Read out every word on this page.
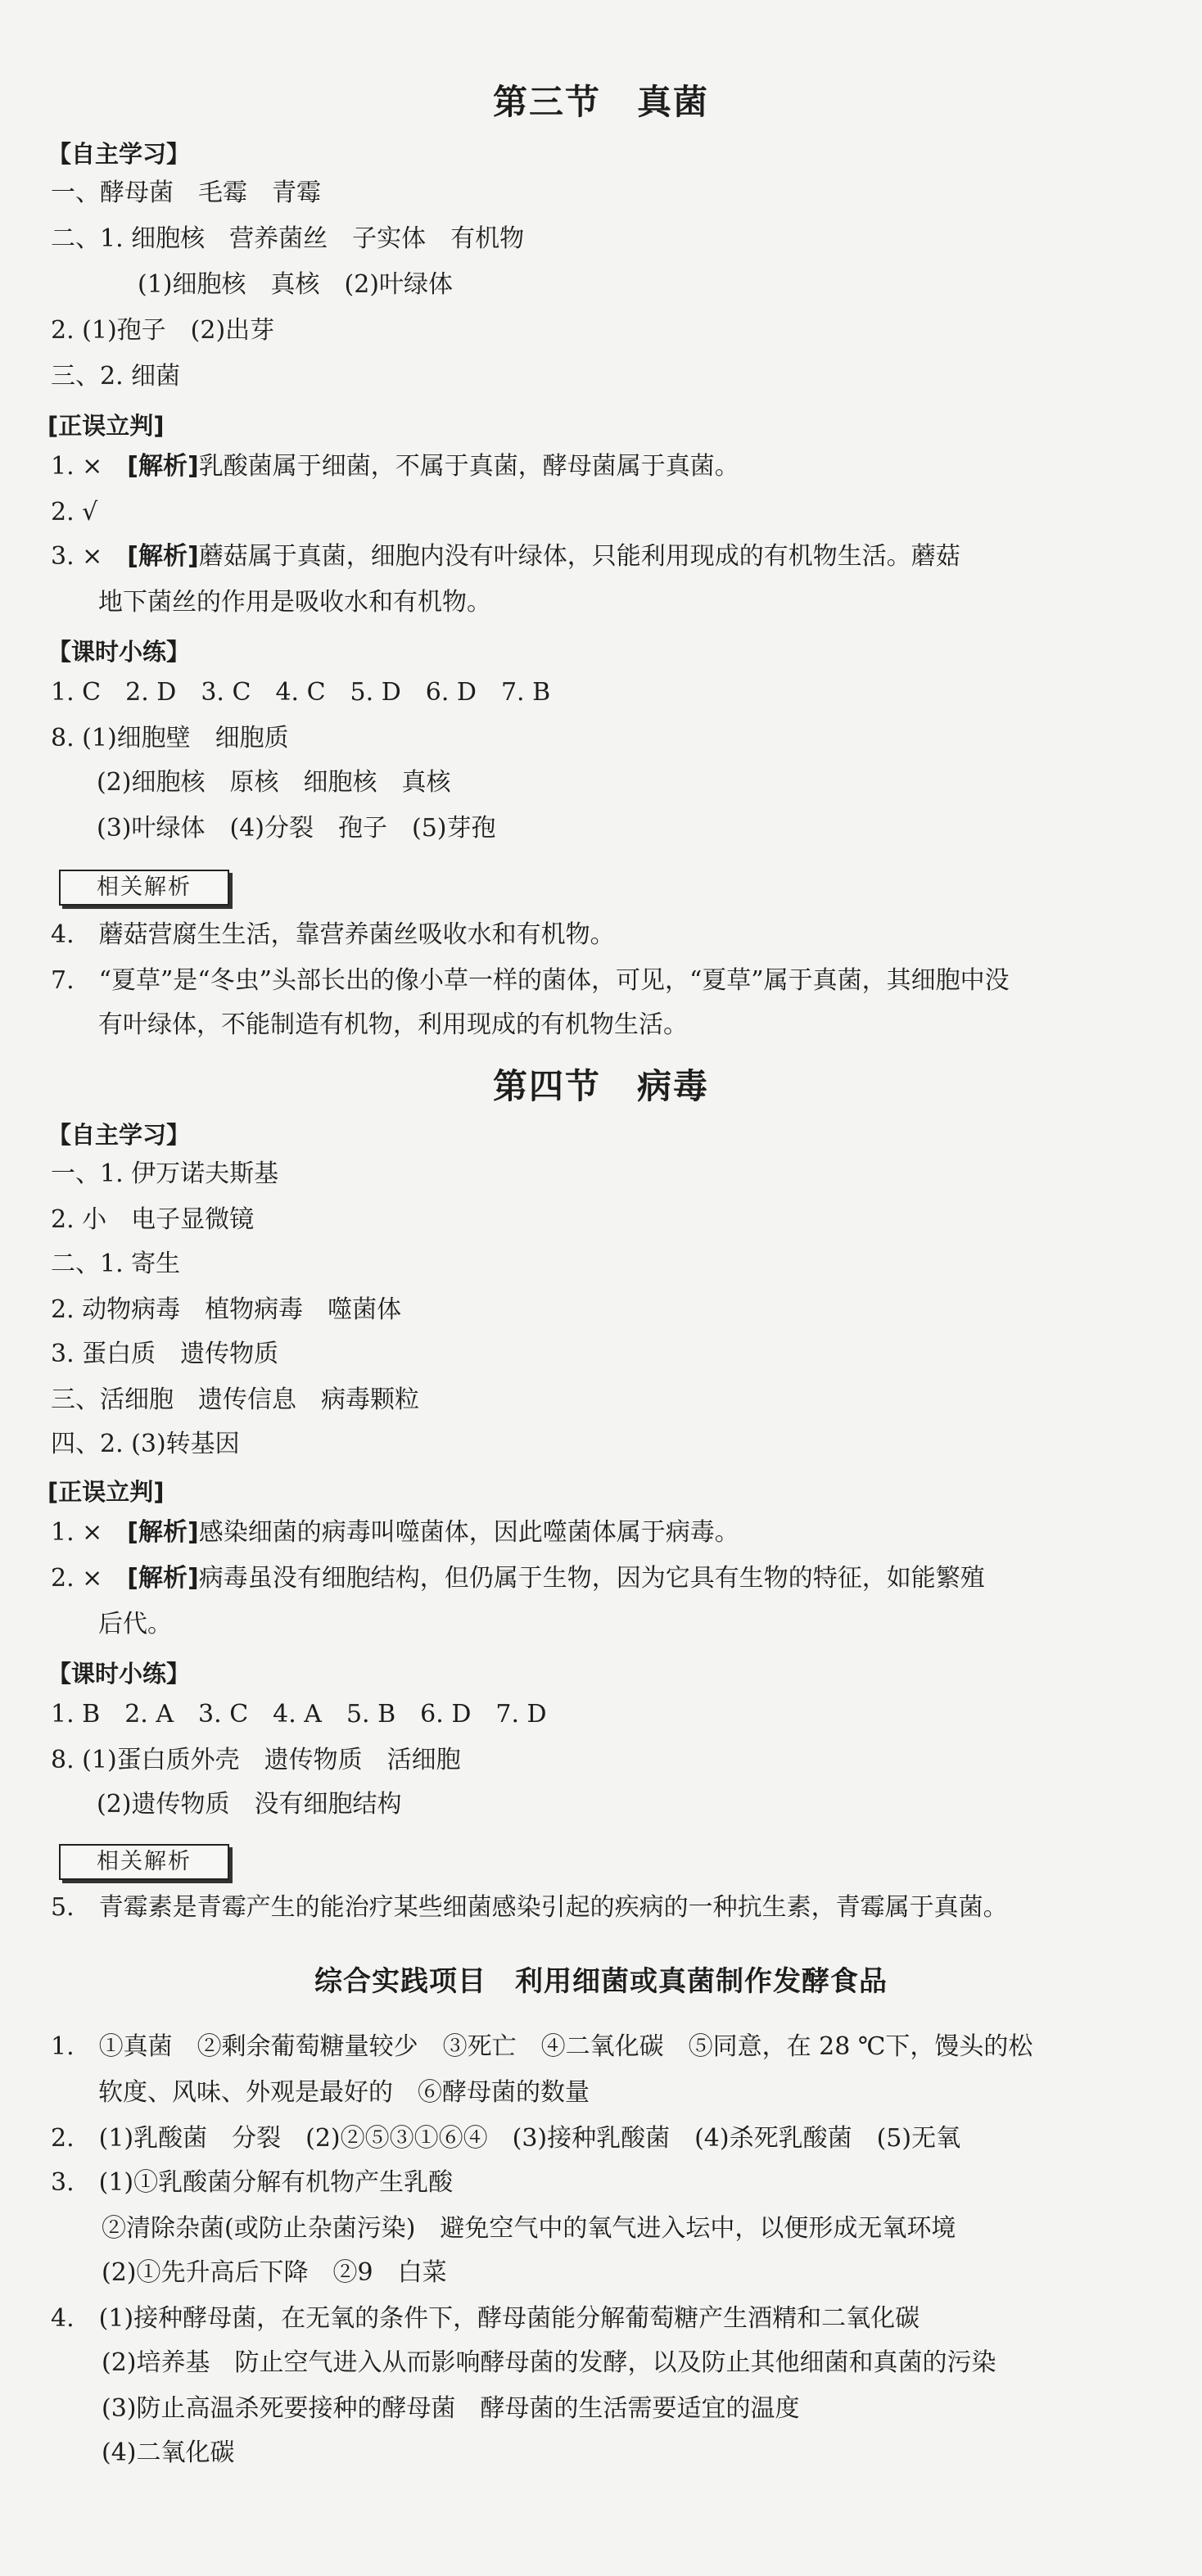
第三节　真菌
【自主学习】
一、酵母菌　毛霉　青霉
二、1. 细胞核　营养菌丝　子实体　有机物
(1)细胞核　真核　(2)叶绿体
2. (1)孢子　(2)出芽
三、2. 细菌
[正误立判]
1. ×　[解析]乳酸菌属于细菌，不属于真菌，酵母菌属于真菌。
2. √
3. ×　[解析]蘑菇属于真菌，细胞内没有叶绿体，只能利用现成的有机物生活。蘑菇
地下菌丝的作用是吸收水和有机物。
【课时小练】
1. C　2. D　3. C　4. C　5. D　6. D　7. B
8. (1)细胞壁　细胞质
(2)细胞核　原核　细胞核　真核
(3)叶绿体　(4)分裂　孢子　(5)芽孢
相关解析
4.　蘑菇营腐生生活，靠营养菌丝吸收水和有机物。
7.　“夏草”是“冬虫”头部长出的像小草一样的菌体，可见，“夏草”属于真菌，其细胞中没
有叶绿体，不能制造有机物，利用现成的有机物生活。
第四节　病毒
【自主学习】
一、1. 伊万诺夫斯基
2. 小　电子显微镜
二、1. 寄生
2. 动物病毒　植物病毒　噬菌体
3. 蛋白质　遗传物质
三、活细胞　遗传信息　病毒颗粒
四、2. (3)转基因
[正误立判]
1. ×　[解析]感染细菌的病毒叫噬菌体，因此噬菌体属于病毒。
2. ×　[解析]病毒虽没有细胞结构，但仍属于生物，因为它具有生物的特征，如能繁殖
后代。
【课时小练】
1. B　2. A　3. C　4. A　5. B　6. D　7. D
8. (1)蛋白质外壳　遗传物质　活细胞
(2)遗传物质　没有细胞结构
相关解析
5.　青霉素是青霉产生的能治疗某些细菌感染引起的疾病的一种抗生素，青霉属于真菌。
综合实践项目　利用细菌或真菌制作发酵食品
1.　①真菌　②剩余葡萄糖量较少　③死亡　④二氧化碳　⑤同意，在 28 ℃下，馒头的松
软度、风味、外观是最好的　⑥酵母菌的数量
2.　(1)乳酸菌　分裂　(2)②⑤③①⑥④　(3)接种乳酸菌　(4)杀死乳酸菌　(5)无氧
3.　(1)①乳酸菌分解有机物产生乳酸
②清除杂菌(或防止杂菌污染)　避免空气中的氧气进入坛中，以便形成无氧环境
(2)①先升高后下降　②9　白菜
4.　(1)接种酵母菌，在无氧的条件下，酵母菌能分解葡萄糖产生酒精和二氧化碳
(2)培养基　防止空气进入从而影响酵母菌的发酵，以及防止其他细菌和真菌的污染
(3)防止高温杀死要接种的酵母菌　酵母菌的生活需要适宜的温度
(4)二氧化碳
